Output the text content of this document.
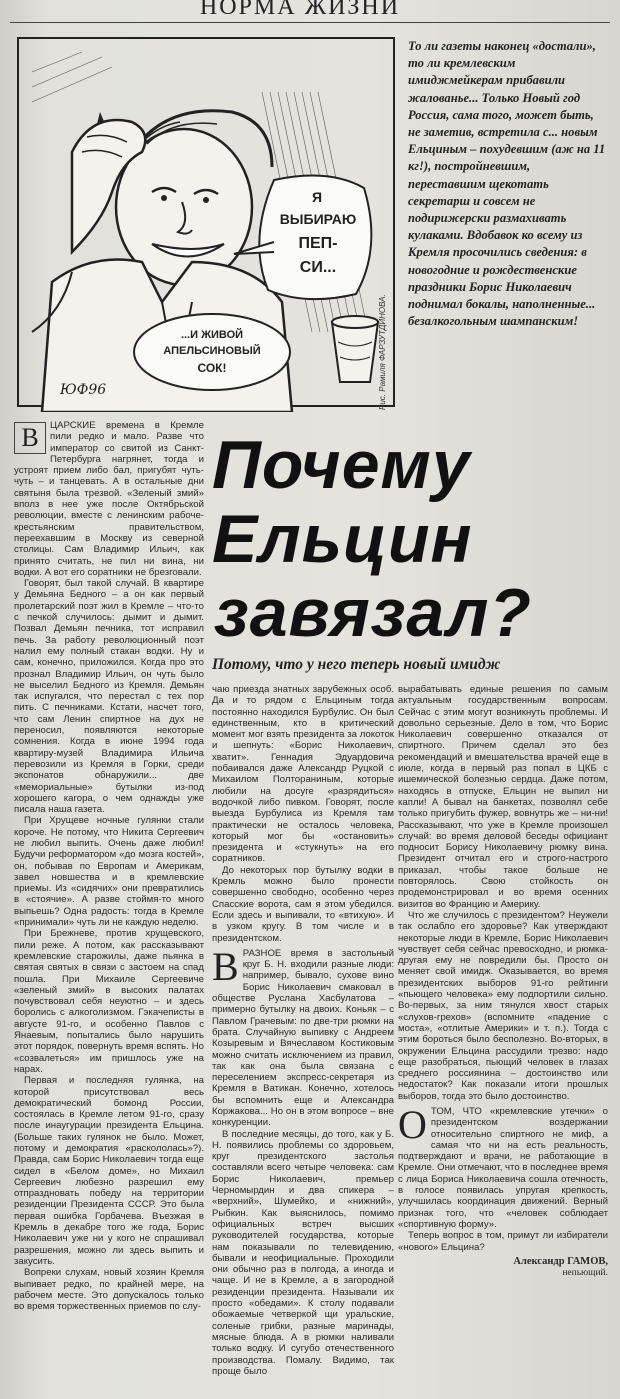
НОРМА ЖИЗНИ
Я
ВЫБИРАЮ
ПЕП-
СИ...
...И ЖИВОЙ
АПЕЛЬСИНОВЫЙ
СОК!
ЮФ96	Рис. Рамиля ФАРЗУТДИНОВА.
То ли газеты наконец «достали», то ли кремлевским имиджмейкерам прибавили жалованье... Только Новый год Россия, сама того, может быть, не заметив, встретила с... новым Ельциным – похудевшим (аж на 11 кг!), постройневшим, переставшим щекотать секретарш и совсем не подирижерски размахивать кулаками. Вдобавок ко всему из Кремля просочились сведения: в новогодние и рождественские праздники Борис Николаевич поднимал бокалы, наполненные... безалкогольным шампанским!
Почему
Ельцин
завязал?
Потому, что у него теперь новый имидж

В	ЦАРСКИЕ времена в Кремле пили редко и мало. Разве что император со свитой из Санкт-Петербурга нагрянет, тогда и устроят прием либо бал, пригубят чуть-чуть – и танцевать. А в остальные дни святыня была трезвой. «Зеленый змий» вполз в нее уже после Октябрьской революции, вместе с ленинским рабоче-крестьянским правительством, переехавшим в Москву из северной столицы. Сам Владимир Ильич, как принято считать, не пил ни вина, ни водки. А вот его соратники не брезговали.

Говорят, был такой случай. В квартире у Демьяна Бедного – а он как первый пролетарский поэт жил в Кремле – что-то с печкой случилось: дымит и дымит. Позвал Демьян печника, тот исправил печь. За работу революционный поэт налил ему полный стакан водки. Ну и сам, конечно, приложился. Когда про это прознал Владимир Ильич, он чуть было не выселил Бедного из Кремля. Демьян так испугался, что перестал с тех пор пить. С печниками. Кстати, насчет того, что сам Ленин спиртное на дух не переносил, появляются некоторые сомнения. Когда в июне 1994 года квартиру-музей Владимира Ильича перевозили из Кремля в Горки, среди экспонатов обнаружили... две «мемориальные» бутылки из-под хорошего кагора, о чем однажды уже писала наша газета.

При Хрущеве ночные гулянки стали короче. Не потому, что Никита Сергеевич не любил выпить. Очень даже любил! Будучи реформатором «до мозга костей», он, побывав по Европам и Америкам, завел новшества и в кремлевские приемы. Из «сидячих» они превратились в «стоячие». А разве стоймя-то много выпьешь? Одна радость: тогда в Кремле «принимали» чуть ли не каждую неделю.

При Брежневе, против хрущевского, пили реже. А потом, как рассказывают кремлевские старожилы, даже пьянка в святая святых в связи с застоем на спад пошла. При Михаиле Сергеевиче «зеленый змий» в высоких палатах почувствовал себя неуютно – и здесь боролись с алкоголизмом. Гэкачеписты в августе 91-го, и особенно Павлов с Янаевым, попытались было нарушить этот порядок, повернуть время вспять. Но «созвалеться» им пришлось уже на нарах.

Первая и последняя гулянка, на которой присутствовал весь демократический бомонд России, состоялась в Кремле летом 91-го, сразу после инаугурации президента Ельцина. (Больше таких гулянок не было. Может, потому и демократия «раскололась»?). Правда, сам Борис Николаевич тогда еще сидел в «Белом доме», но Михаил Сергеевич любезно разрешил ему отпраздновать победу на территории резиденции Президента СССР. Это была первая ошибка Горбачева. Въезжая в Кремль в декабре того же года, Борис Николаевич уже ни у кого не спрашивал разрешения, можно ли здесь выпить и закусить.

Вопреки слухам, новый хозяин Кремля выпивает редко, по крайней мере, на рабочем месте. Это допускалось только во время торжественных приемов по слу-

чаю приезда знатных зарубежных особ. Да и то рядом с Ельциным тогда постоянно находился Бурбулис. Он был единственным, кто в критический момент мог взять президента за локоток и шепнуть: «Борис Николаевич, хватит». Геннадия Эдуардовича побаивался даже Александр Руцкой с Михаилом Полтораниным, которые любили на досуге «разрядиться» водочкой либо пивком. Говорят, после выезда Бурбулиса из Кремля там практически не осталось человека, который мог бы «остановить» президента и «стукнуть» на его соратников.

До некоторых пор бутылку водки в Кремль можно было пронести совершенно свободно, особенно через Спасские ворота, сам я этом убедился. Если здесь и выпивали, то «втихую». И в узком кругу. В том числе и в президентском.

ВРАЗНОЕ время в застольный круг Б. Н. входили разные люди: например, бывало, сухове вино Борис Николаевич смаковал в обществе Руслана Хасбулатова – примерно бутылку на двоих. Коньяк – с Павлом Грачевым: по две-три рюмки на брата. Случайную выпивку с Андреем Козыревым и Вячеславом Костиковым можно считать исключением из правил, так как она была связана с переселением экспресс-секретаря из Кремля в Ватикан. Конечно, хотелось бы вспомнить еще и Александра Коржакова... Но он в этом вопросе – вне конкуренции.

В последние месяцы, до того, как у Б. Н. появились проблемы со здоровьем, круг президентского застолья составляли всего четыре человека: сам Борис Николаевич, премьер Черномырдин и два спикера – «верхний», Шумейко, и «нижний», Рыбкин. Как выяснилось, помимо официальных встреч высших руководителей государства, которые нам показывали по телевидению, бывали и неофициальные. Проходили они обычно раз в полгода, а иногда и чаще. И не в Кремле, а в загородной резиденции президента. Называли их просто «обедами». К столу подавали обожаемые четверкой щи уральские, соленые грибки, разные маринады, мясные блюда. А в рюмки наливали только водку. И сугубо отечественного производства. Помалу. Видимо, так проще было

вырабатывать единые решения по самым актуальным государственным вопросам. Сейчас с этим могут возникнуть проблемы. И довольно серьезные. Дело в том, что Борис Николаевич совершенно отказался от спиртного. Причем сделал это без рекомендаций и вмешательства врачей еще в июле, когда в первый раз попал в ЦКБ с ишемической болезнью сердца. Даже потом, находясь в отпуске, Ельцин не выпил ни капли! А бывал на банкетах, позволял себе только пригубить фужер, вовнутрь же – ни-ни! Рассказывают, что уже в Кремле произошел случай: во время деловой беседы официант подносит Борису Николаевичу рюмку вина. Президент отчитал его и строго-настрого приказал, чтобы такое больше не повторялось. Свою стойкость он продемонстрировал и во время осенних визитов во Францию и Америку.

Что же случилось с президентом? Неужели так ослабло его здоровье? Как утверждают некоторые люди в Кремле, Борис Николаевич чувствует себя сейчас превосходно, и рюмка-другая ему не повредили бы. Просто он меняет свой имидж. Оказывается, во время президентских выборов 91-го рейтинги «пьющего человека» ему подпортили сильно. Во-первых, за ним тянулся хвост старых «слухов-грехов» (вспомните «падение с моста», «отлитые Америки» и т. п.). Тогда с этим бороться было бесполезно. Во-вторых, в окружении Ельцина рассудили трезво: надо еще разобраться, пьющий человек в глазах среднего россиянина – достоинство или недостаток? Как показали итоги прошлых выборов, тогда это было достоинство.

ОТОМ, ЧТО «кремлевские утечки» о президентском воздержании относительно спиртного не миф, а самая что ни на есть реальность, подтверждают и врачи, не работающие в Кремле. Они отмечают, что в последнее время с лица Бориса Николаевича сошла отечность, в голосе появилась упругая крепкость, улучшилась координация движений. Верный признак того, что «человек соблюдает «спортивную форму».

Теперь вопрос в том, примут ли избиратели «нового» Ельцина?

Александр ГАМОВ,
непьющий.
